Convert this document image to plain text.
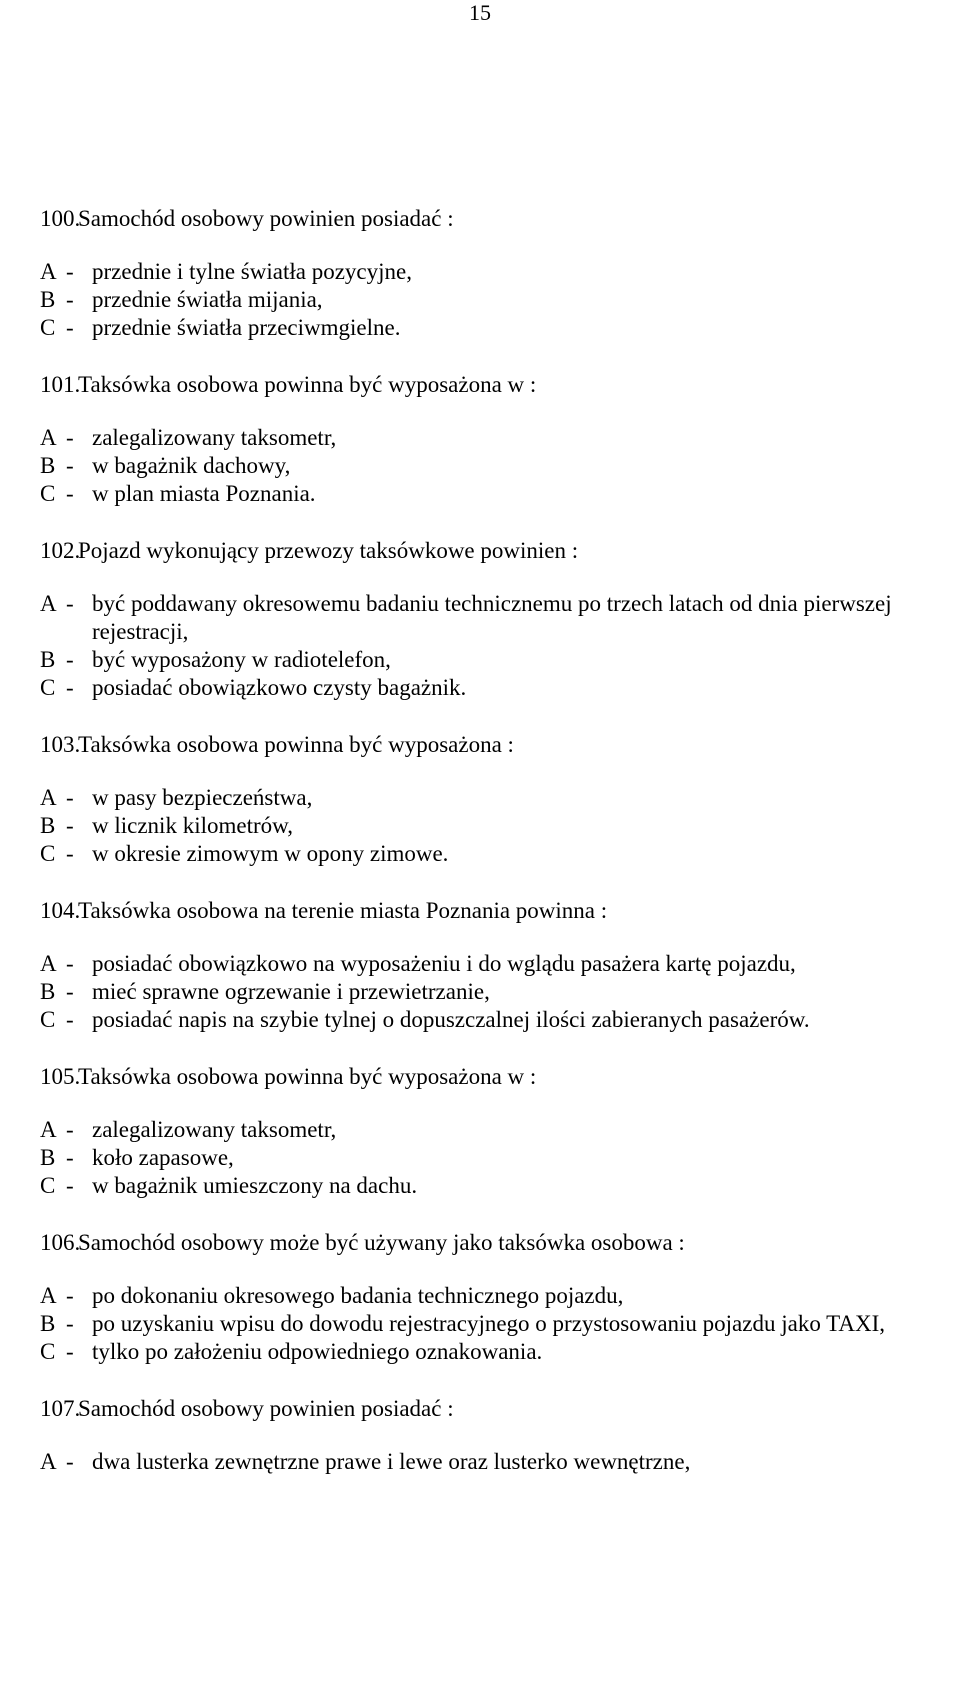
15
100.
Samochód osobowy powinien posiadać :
A - przednie i tylne światła pozycyjne,
B - przednie światła mijania,
C - przednie światła przeciwmgielne.
101.
Taksówka osobowa powinna być wyposażona w :
A - zalegalizowany taksometr,
B - w bagażnik dachowy,
C - w plan miasta Poznania.
102.
Pojazd wykonujący przewozy taksówkowe powinien :
A - być poddawany okresowemu badaniu technicznemu po trzech latach od dnia pierwszej rejestracji,
B - być wyposażony w radiotelefon,
C - posiadać obowiązkowo czysty bagażnik.
103.
Taksówka osobowa powinna być wyposażona :
A - w pasy bezpieczeństwa,
B - w licznik kilometrów,
C - w okresie zimowym w opony zimowe.
104.
Taksówka osobowa na terenie miasta Poznania powinna :
A - posiadać obowiązkowo na wyposażeniu i do wglądu pasażera kartę pojazdu,
B - mieć sprawne ogrzewanie i przewietrzanie,
C - posiadać napis na szybie tylnej o dopuszczalnej ilości zabieranych pasażerów.
105.
Taksówka osobowa powinna być wyposażona w :
A - zalegalizowany taksometr,
B - koło zapasowe,
C - w bagażnik umieszczony na dachu.
106.
Samochód osobowy może być używany jako taksówka osobowa :
A - po dokonaniu okresowego badania technicznego pojazdu,
B - po uzyskaniu wpisu do dowodu rejestracyjnego o przystosowaniu pojazdu jako TAXI,
C - tylko po założeniu odpowiedniego oznakowania.
107.
Samochód osobowy powinien posiadać :
A - dwa lusterka zewnętrzne prawe i lewe oraz lusterko wewnętrzne,
